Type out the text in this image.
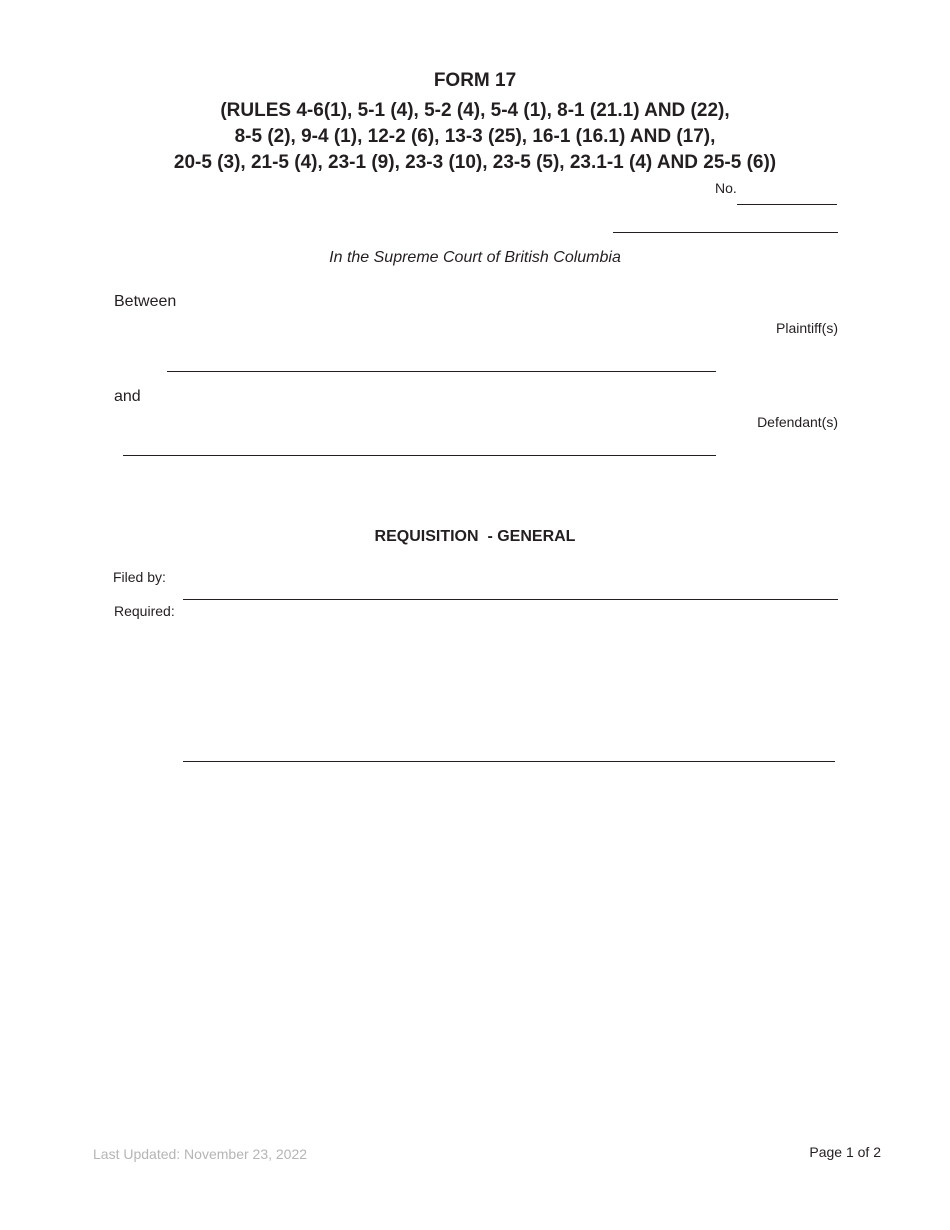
FORM 17
(RULES 4-6(1), 5-1 (4), 5-2 (4), 5-4 (1), 8-1 (21.1) AND (22),
8-5 (2), 9-4 (1), 12-2 (6), 13-3 (25), 16-1 (16.1) AND (17),
20-5 (3), 21-5 (4), 23-1 (9), 23-3 (10), 23-5 (5), 23.1-1 (4) AND 25-5 (6))
No.
In the Supreme Court of British Columbia
Between
Plaintiff(s)
and
Defendant(s)
REQUISITION  - GENERAL
Filed by:
Required:
Last Updated: November 23, 2022	Page 1 of 2
